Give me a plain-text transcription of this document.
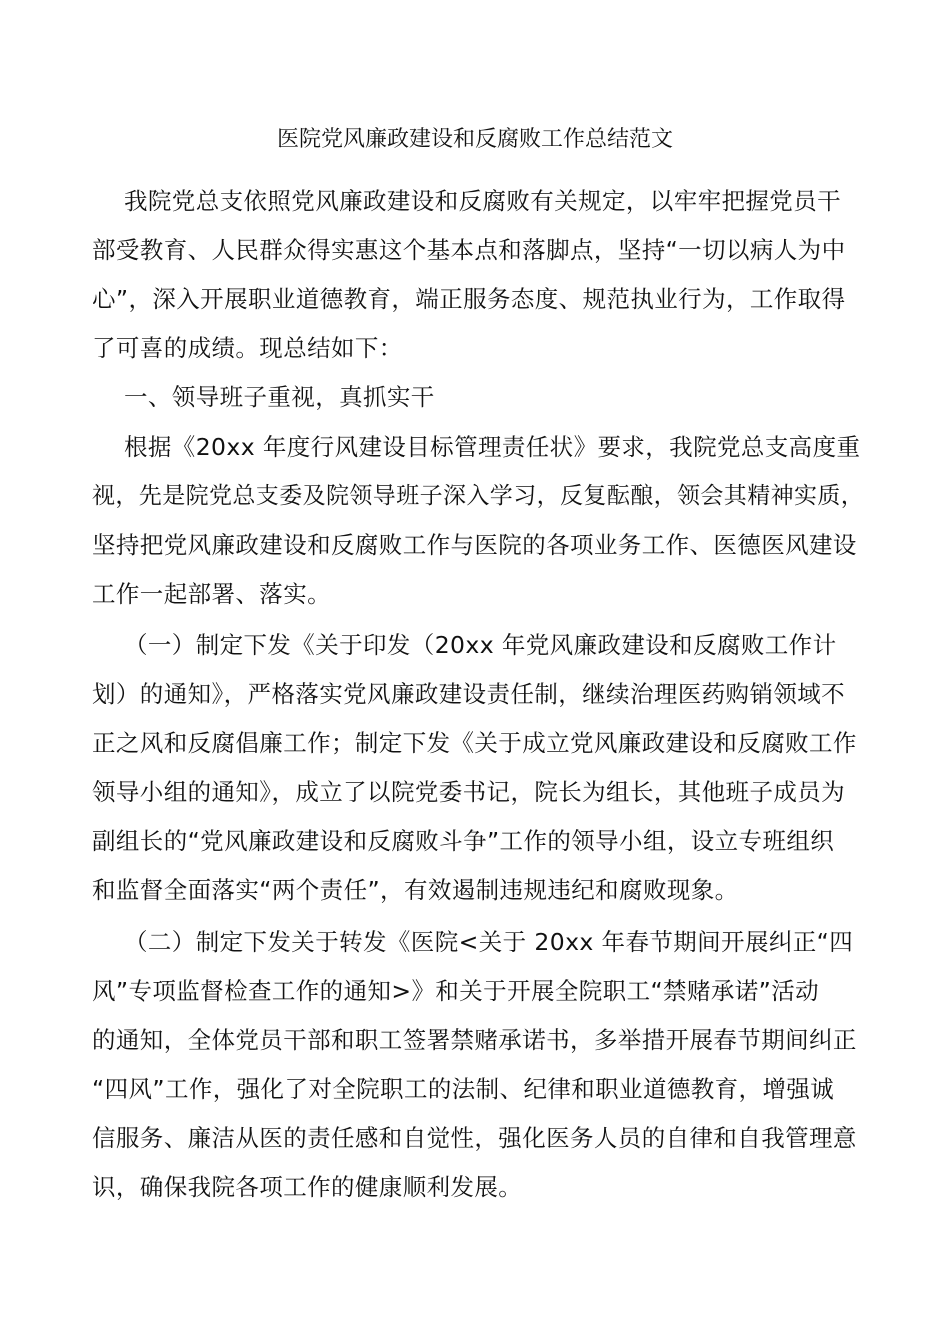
医院党风廉政建设和反腐败工作总结范文
我院党总支依照党风廉政建设和反腐败有关规定，以牢牢把握党员干
部受教育、人民群众得实惠这个基本点和落脚点，坚持“一切以病人为中
心”，深入开展职业道德教育，端正服务态度、规范执业行为，工作取得
了可喜的成绩。现总结如下：
一、领导班子重视，真抓实干
根据《20xx 年度行风建设目标管理责任状》要求，我院党总支高度重
视，先是院党总支委及院领导班子深入学习，反复酝酿，领会其精神实质，
坚持把党风廉政建设和反腐败工作与医院的各项业务工作、医德医风建设
工作一起部署、落实。
（一）制定下发《关于印发（20xx 年党风廉政建设和反腐败工作计
划）的通知》，严格落实党风廉政建设责任制，继续治理医药购销领域不
正之风和反腐倡廉工作；制定下发《关于成立党风廉政建设和反腐败工作
领导小组的通知》，成立了以院党委书记，院长为组长，其他班子成员为
副组长的“党风廉政建设和反腐败斗争”工作的领导小组，设立专班组织
和监督全面落实“两个责任”，有效遏制违规违纪和腐败现象。
（二）制定下发关于转发《医院<关于 20xx 年春节期间开展纠正“四
风”专项监督检查工作的通知>》和关于开展全院职工“禁赌承诺”活动
的通知，全体党员干部和职工签署禁赌承诺书，多举措开展春节期间纠正
“四风”工作，强化了对全院职工的法制、纪律和职业道德教育，增强诚
信服务、廉洁从医的责任感和自觉性，强化医务人员的自律和自我管理意
识，确保我院各项工作的健康顺利发展。
